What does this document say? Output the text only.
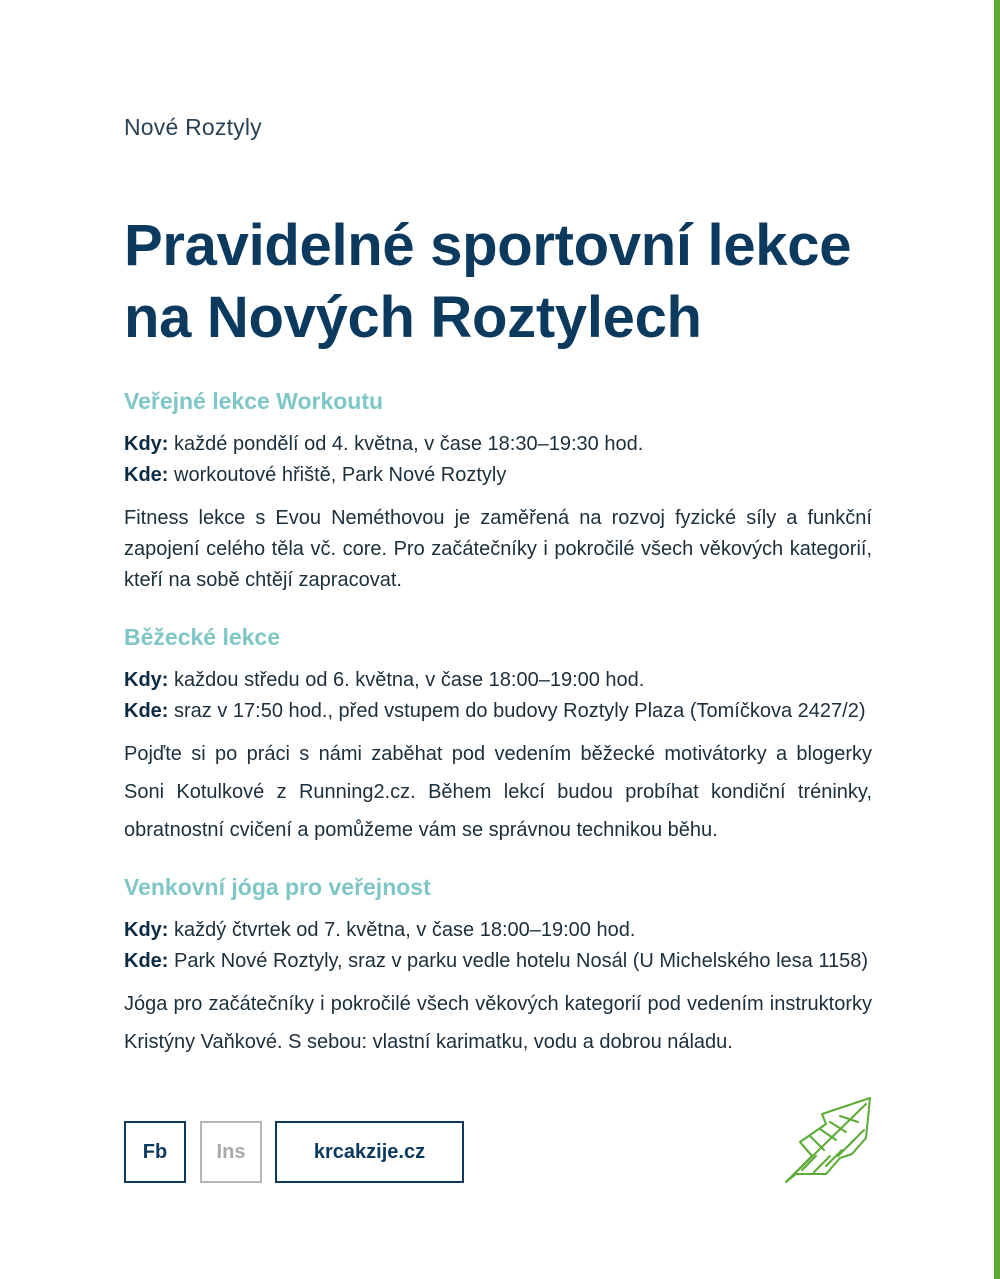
Nové Roztyly
Pravidelné sportovní lekce
na Nových Roztylech
Veřejné lekce Workoutu
Kdy: každé pondělí od 4. května, v čase 18:30–19:30 hod.
Kde: workoutové hřiště, Park Nové Roztyly
Fitness lekce s Evou Neméthovou je zaměřená na rozvoj fyzické síly a funkční zapojení celého těla vč. core. Pro začátečníky i pokročilé všech věkových kategorií, kteří na sobě chtějí zapracovat.
Běžecké lekce
Kdy: každou středu od 6. května, v čase 18:00–19:00 hod.
Kde: sraz v 17:50 hod., před vstupem do budovy Roztyly Plaza (Tomíčkova 2427/2)
Pojďte si po práci s námi zaběhat pod vedením běžecké motivátorky a blogerky Soni Kotulkové z Running2.cz. Během lekcí budou probíhat kondiční tréninky, obratnostní cvičení a pomůžeme vám se správnou technikou běhu.
Venkovní jóga pro veřejnost
Kdy: každý čtvrtek od 7. května, v čase 18:00–19:00 hod.
Kde: Park Nové Roztyly, sraz v parku vedle hotelu Nosál (U Michelského lesa 1158)
Jóga pro začátečníky i pokročilé všech věkových kategorií pod vedením instruktorky Kristýny Vaňkové. S sebou: vlastní karimatku, vodu a dobrou náladu.
Fb	Ins	krcakzije.cz
